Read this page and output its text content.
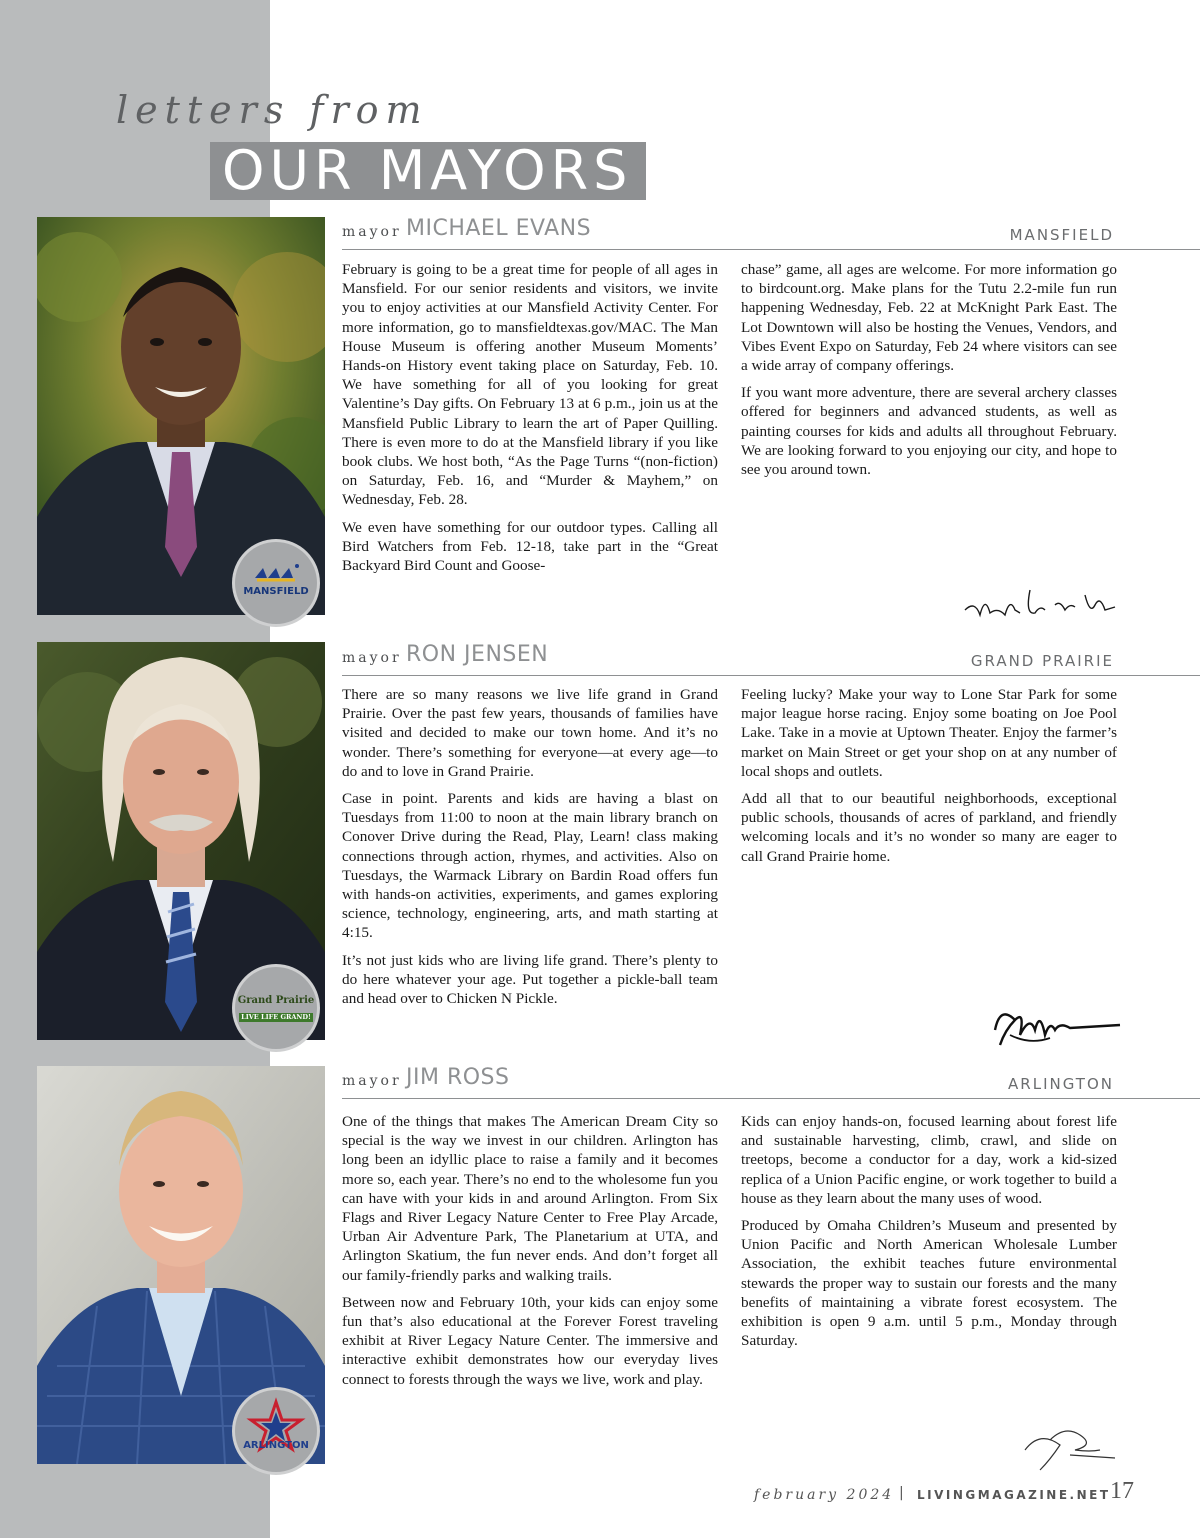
letters from
OUR MAYORS
MANSFIELD
mayor MICHAEL EVANS	MANSFIELD

February is going to be a great time for people of all ages in Mansfield. For our senior residents and visitors, we invite you to enjoy activities at our Mansfield Activity Center. For more information, go to mansfieldtexas.gov/MAC. The Man House Museum is offering another Museum Moments’ Hands-on History event taking place on Saturday, Feb. 10. We have something for all of you looking for great Valentine’s Day gifts. On February 13 at 6 p.m., join us at the Mansfield Public Library to learn the art of Paper Quilling. There is even more to do at the Mansfield library if you like book clubs. We host both, “As the Page Turns “(non-fiction) on Saturday, Feb. 16, and “Murder & Mayhem,” on Wednesday, Feb. 28.

We even have something for our outdoor types. Calling all Bird Watchers from Feb. 12-18, take part in the “Great Backyard Bird Count and Goose-

chase” game, all ages are welcome. For more information go to birdcount.org. Make plans for the Tutu 2.2-mile fun run happening Wednesday, Feb. 22 at McKnight Park East. The Lot Downtown will also be hosting the Venues, Vendors, and Vibes Event Expo on Saturday, Feb 24 where visitors can see a wide array of company offerings.

If you want more adventure, there are several archery classes offered for beginners and advanced students, as well as painting courses for kids and adults all throughout February. We are looking forward to you enjoying our city, and hope to see you around town.

Grand Prairie
LIVE LIFE GRAND!
mayor RON JENSEN	GRAND PRAIRIE

There are so many reasons we live life grand in Grand Prairie. Over the past few years, thousands of families have visited and decided to make our town home. And it’s no wonder. There’s something for everyone—at every age—to do and to love in Grand Prairie.

Case in point. Parents and kids are having a blast on Tuesdays from 11:00 to noon at the main library branch on Conover Drive during the Read, Play, Learn! class making connections through action, rhymes, and activities. Also on Tuesdays, the Warmack Library on Bardin Road offers fun with hands-on activities, experiments, and games exploring science, technology, engineering, arts, and math starting at 4:15.

It’s not just kids who are living life grand. There’s plenty to do here whatever your age. Put together a pickle-ball team and head over to Chicken N Pickle.

Feeling lucky? Make your way to Lone Star Park for some major league horse racing. Enjoy some boating on Joe Pool Lake. Take in a movie at Uptown Theater. Enjoy the farmer’s market on Main Street or get your shop on at any number of local shops and outlets.

Add all that to our beautiful neighborhoods, exceptional public schools, thousands of acres of parkland, and friendly welcoming locals and it’s no wonder so many are eager to call Grand Prairie home.

ARLINGTON
mayor JIM ROSS	ARLINGTON

One of the things that makes The American Dream City so special is the way we invest in our children. Arlington has long been an idyllic place to raise a family and it becomes more so, each year. There’s no end to the wholesome fun you can have with your kids in and around Arlington. From Six Flags and River Legacy Nature Center to Free Play Arcade, Urban Air Adventure Park, The Planetarium at UTA, and Arlington Skatium, the fun never ends. And don’t forget all our family-friendly parks and walking trails.

Between now and February 10th, your kids can enjoy some fun that’s also educational at the Forever Forest traveling exhibit at River Legacy Nature Center. The immersive and interactive exhibit demonstrates how our everyday lives connect to forests through the ways we live, work and play.

Kids can enjoy hands-on, focused learning about forest life and sustainable harvesting, climb, crawl, and slide on treetops, become a conductor for a day, work a kid-sized replica of a Union Pacific engine, or work together to build a house as they learn about the many uses of wood.

Produced by Omaha Children’s Museum and presented by Union Pacific and North American Wholesale Lumber Association, the exhibit teaches future environmental stewards the proper way to sustain our forests and the many benefits of maintaining a vibrate forest ecosystem. The exhibition is open 9 a.m. until 5 p.m., Monday through Saturday.

february 2024 | LIVINGMAGAZINE.NET 17
